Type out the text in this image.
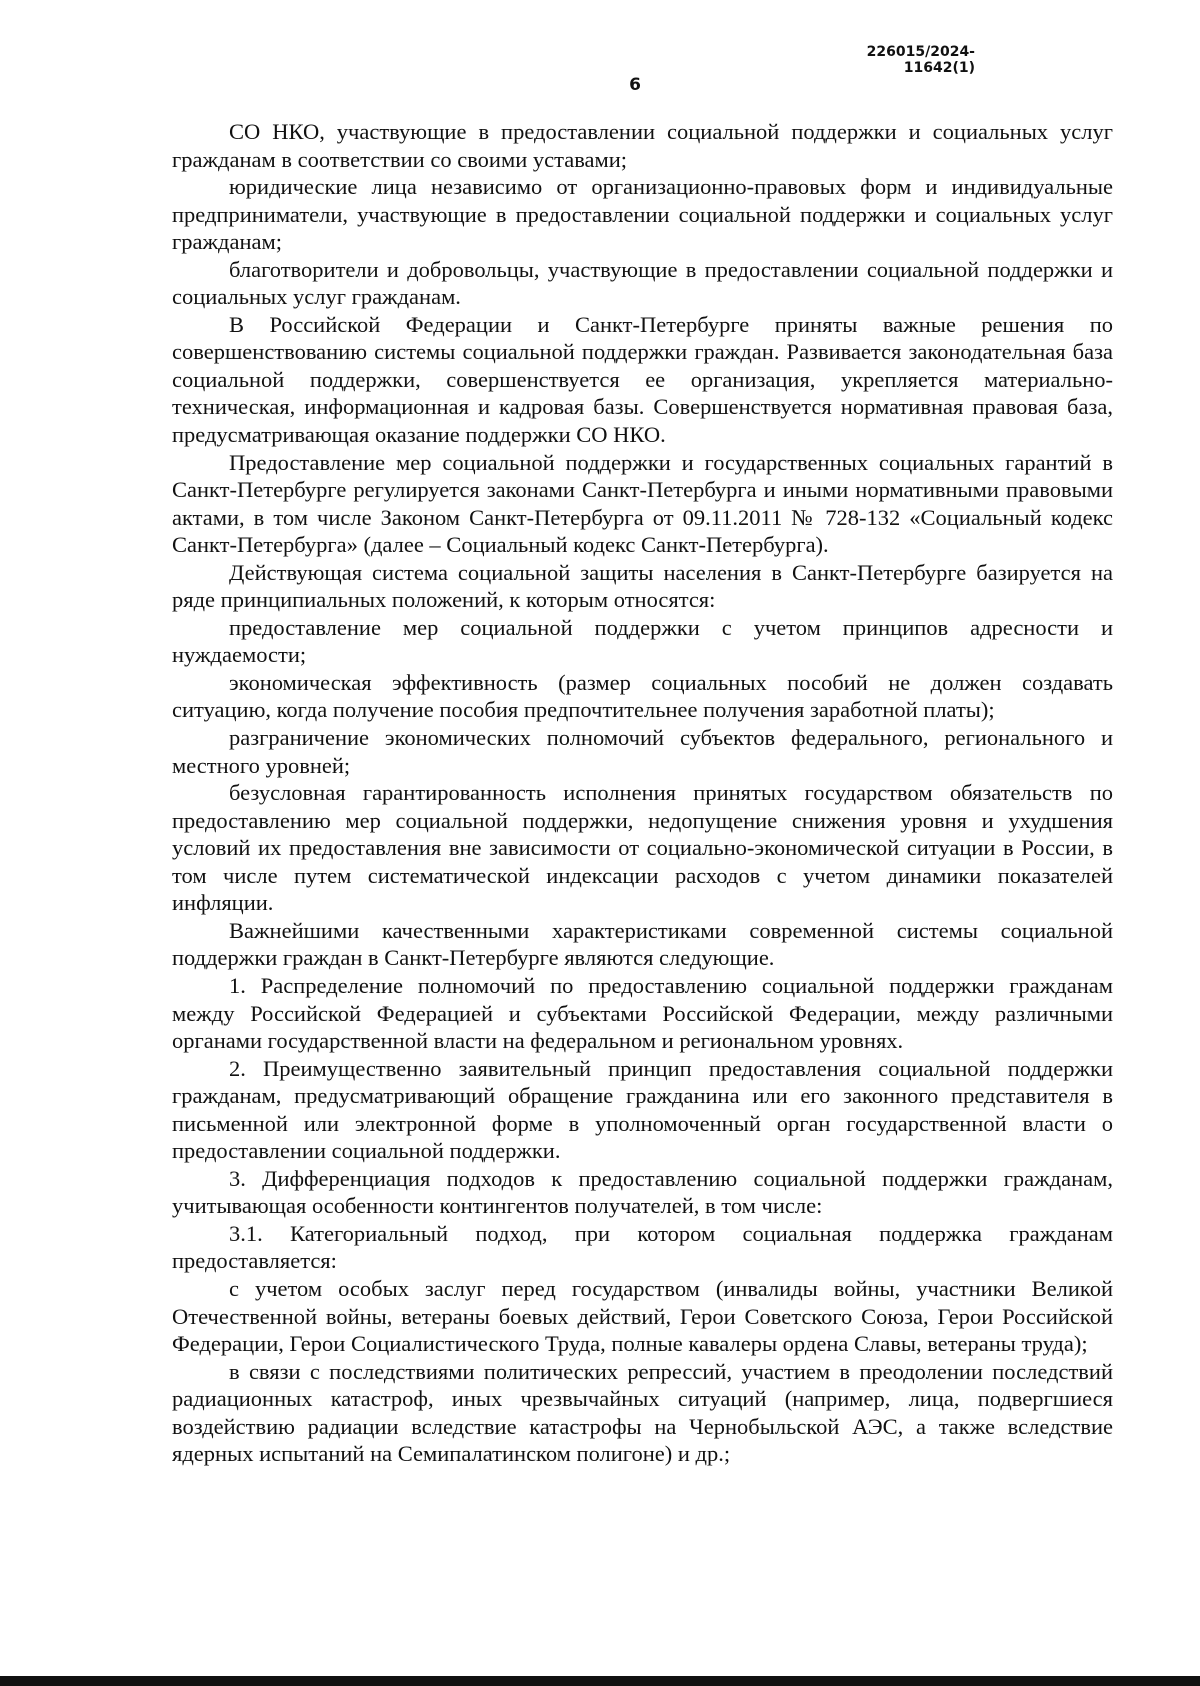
226015/2024-11642(1)
6

СО НКО, участвующие в предоставлении социальной поддержки и социальных услуг гражданам в соответствии со своими уставами;

юридические лица независимо от организационно-правовых форм и индивидуальные предприниматели, участвующие в предоставлении социальной поддержки и социальных услуг гражданам;

благотворители и добровольцы, участвующие в предоставлении социальной поддержки и социальных услуг гражданам.

В Российской Федерации и Санкт-Петербурге приняты важные решения по совершенствованию системы социальной поддержки граждан. Развивается законодательная база социальной поддержки, совершенствуется ее организация, укрепляется материально-техническая, информационная и кадровая базы. Совершенствуется нормативная правовая база, предусматривающая оказание поддержки СО НКО.

Предоставление мер социальной поддержки и государственных социальных гарантий в Санкт-Петербурге регулируется законами Санкт-Петербурга и иными нормативными правовыми актами, в том числе Законом Санкт-Петербурга от 09.11.2011 № 728-132 «Социальный кодекс Санкт-Петербурга» (далее – Социальный кодекс Санкт-Петербурга).

Действующая система социальной защиты населения в Санкт-Петербурге базируется на ряде принципиальных положений, к которым относятся:

предоставление мер социальной поддержки с учетом принципов адресности и нуждаемости;

экономическая эффективность (размер социальных пособий не должен создавать ситуацию, когда получение пособия предпочтительнее получения заработной платы);

разграничение экономических полномочий субъектов федерального, регионального и местного уровней;

безусловная гарантированность исполнения принятых государством обязательств по предоставлению мер социальной поддержки, недопущение снижения уровня и ухудшения условий их предоставления вне зависимости от социально-экономической ситуации в России, в том числе путем систематической индексации расходов с учетом динамики показателей инфляции.

Важнейшими качественными характеристиками современной системы социальной поддержки граждан в Санкт-Петербурге являются следующие.

1. Распределение полномочий по предоставлению социальной поддержки гражданам между Российской Федерацией и субъектами Российской Федерации, между различными органами государственной власти на федеральном и региональном уровнях.

2. Преимущественно заявительный принцип предоставления социальной поддержки гражданам, предусматривающий обращение гражданина или его законного представителя в письменной или электронной форме в уполномоченный орган государственной власти о предоставлении социальной поддержки.

3. Дифференциация подходов к предоставлению социальной поддержки гражданам, учитывающая особенности контингентов получателей, в том числе:

3.1. Категориальный подход, при котором социальная поддержка гражданам предоставляется:

с учетом особых заслуг перед государством (инвалиды войны, участники Великой Отечественной войны, ветераны боевых действий, Герои Советского Союза, Герои Российской Федерации, Герои Социалистического Труда, полные кавалеры ордена Славы, ветераны труда);

в связи с последствиями политических репрессий, участием в преодолении последствий радиационных катастроф, иных чрезвычайных ситуаций (например, лица, подвергшиеся воздействию радиации вследствие катастрофы на Чернобыльской АЭС, а также вследствие ядерных испытаний на Семипалатинском полигоне) и др.;
